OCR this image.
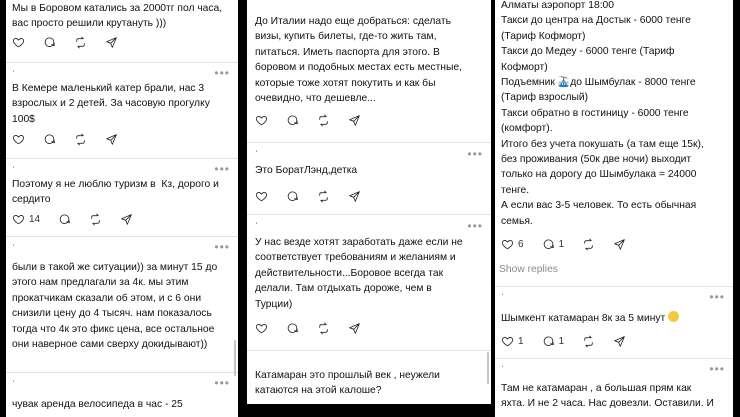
Мы в Боровом катались за 2000тг пол часа,
вас просто решили крутануть )))
•••
ʿ
В Кемере маленький катер брали, нас 3
взрослых и 2 детей. За часовую прогулку
100$
•••
ʿ
Поэтому я не люблю туризм в  Кз, дорого и
сердито
14
•••
ʿ
были в такой же ситуации)) за минут 15 до
этого нам предлагали за 4к. мы этим
прокатчикам сказали об этом, и с 6 они
снизили цену до 4 тысяч. нам показалось
тогда что 4к это фикс цена, все остальное
они наверное сами сверху докидывают))
•••
ʿ
чувак аренда велосипеда в час - 25
До Италии надо еще добраться: сделать
визы, купить билеты, где-то жить там,
питаться. Иметь паспорта для этого. В
боровом и подобных местах есть местные,
которые тоже хотят покутить и как бы
очевидно, что дешевле...
•••
ʿ
Это БоратЛэнд,детка
•••
ʿ
У нас везде хотят заработать даже если не
соответствует требованиям и желаниям и
действительности...Боровое всегда так
делали. Там отдыхать дороже, чем в
Турции)
Катамаран это прошлый век , неужели
катаются на этой калоше?
Алматы аэропорт 18:00
Такси до центра на Достык - 6000 тенге
(Тариф Кофморт)
Такси до Медеу - 6000 тенге (Тариф
Кофморт)
Подъемник 🚠до Шымбулак - 8000 тенге
(Тариф взрослый)
Такси обратно в гостиницу - 6000 тенге
(комфорт).
Итого без учета покушать (а там еще 15к),
без проживания (50к две ночи) выходит
только на дорогу до Шымбулака = 24000
тенге.
А если вас 3-5 человек. То есть обычная
семья.
6	1
Show replies
•••
ʿ
Шымкент катамаран 8к за 5 минут
1	1
•••
ʿ
Там не катамаран , а большая прям как
яхта. И не 2 часа. Нас довезли. Оставили. И
